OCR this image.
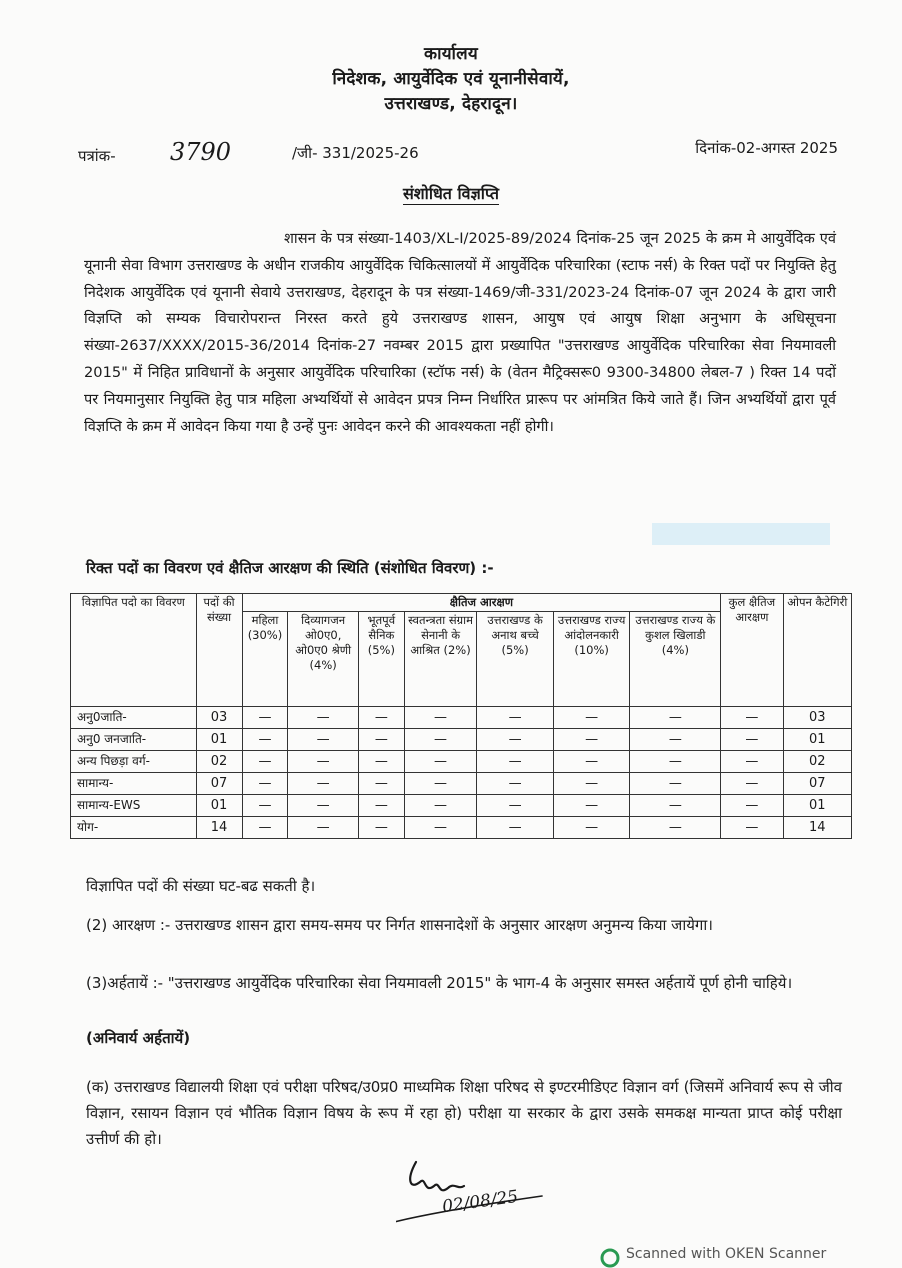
कार्यालय
निदेशक, आयुर्वेदिक एवं यूनानीसेवायें,
उत्तराखण्ड, देहरादून।
पत्रांक- 3790	/जी- 331/2025-26	दिनांक-02-अगस्त 2025
संशोधित विज्ञप्ति
शासन के पत्र संख्या-1403/XL-I/2025-89/2024 दिनांक-25 जून 2025 के क्रम मे आयुर्वेदिक एवं यूनानी सेवा विभाग उत्तराखण्ड के अधीन राजकीय आयुर्वेदिक चिकित्सालयों में आयुर्वेदिक परिचारिका (स्टाफ नर्स) के रिक्त पदों पर नियुक्ति हेतु निदेशक आयुर्वेदिक एवं यूनानी सेवाये उत्तराखण्ड, देहरादून के पत्र संख्या-1469/जी-331/2023-24 दिनांक-07 जून 2024 के द्वारा जारी विज्ञप्ति को सम्यक विचारोपरान्त निरस्त करते हुये उत्तराखण्ड शासन, आयुष एवं आयुष शिक्षा अनुभाग के अधिसूचना संख्या-2637/XXXX/2015-36/2014 दिनांक-27 नवम्बर 2015 द्वारा प्रख्यापित "उत्तराखण्ड आयुर्वेदिक परिचारिका सेवा नियमावली 2015" में निहित प्राविधानों के अनुसार आयुर्वेदिक परिचारिका (स्टॉफ नर्स) के (वेतन मैट्रिक्सरू0 9300-34800 लेबल-7 ) रिक्त 14 पदों पर नियमानुसार नियुक्ति हेतु पात्र महिला अभ्यर्थियों से आवेदन प्रपत्र निम्न निर्धारित प्रारूप पर आंमत्रित किये जाते हैं। जिन अभ्यर्थियों द्वारा पूर्व विज्ञप्ति के क्रम में आवेदन किया गया है उन्हें पुनः आवेदन करने की आवश्यकता नहीं होगी।
रिक्त पदों का विवरण एवं क्षैतिज आरक्षण की स्थिति (संशोधित विवरण) :-
विज्ञापित पदो का विवरण	पदों की संख्या	क्षैतिज आरक्षण							कुल क्षैतिज आरक्षण	ओपन कैटेगिरी
		महिला (30%)	दिव्यागजन ओ0ए0, ओ0ए0 श्रेणी (4%)	भूतपूर्व सैनिक (5%)	स्वतन्त्रता संग्राम सेनानी के आश्रित (2%)	उत्तराखण्ड के अनाथ बच्चे (5%)	उत्तराखण्ड राज्य आंदोलनकारी (10%)	उत्तराखण्ड राज्य के कुशल खिलाडी (4%)		
अनु0जाति-	03	—	—	—	—	—	—	—	—	03
अनु0 जनजाति-	01	—	—	—	—	—	—	—	—	01
अन्य पिछड़ा वर्ग-	02	—	—	—	—	—	—	—	—	02
सामान्य-	07	—	—	—	—	—	—	—	—	07
सामान्य-EWS	01	—	—	—	—	—	—	—	—	01
योग-	14	—	—	—	—	—	—	—	—	14
विज्ञापित पदों की संख्या घट-बढ सकती है।
(2) आरक्षण :- उत्तराखण्ड शासन द्वारा समय-समय पर निर्गत शासनादेशों के अनुसार आरक्षण अनुमन्य किया जायेगा।
(3)अर्हतायें :- "उत्तराखण्ड आयुर्वेदिक परिचारिका सेवा नियमावली 2015" के भाग-4 के अनुसार समस्त अर्हतायें पूर्ण होनी चाहिये।
(अनिवार्य अर्हतायें)
(क) उत्तराखण्ड विद्यालयी शिक्षा एवं परीक्षा परिषद/उ0प्र0 माध्यमिक शिक्षा परिषद से इण्टरमीडिएट विज्ञान वर्ग (जिसमें अनिवार्य रूप से जीव विज्ञान, रसायन विज्ञान एवं भौतिक विज्ञान विषय के रूप में रहा हो) परीक्षा या सरकार के द्वारा उसके समकक्ष मान्यता प्राप्त कोई परीक्षा उत्तीर्ण की हो।
02/08/25
Scanned with OKEN Scanner
